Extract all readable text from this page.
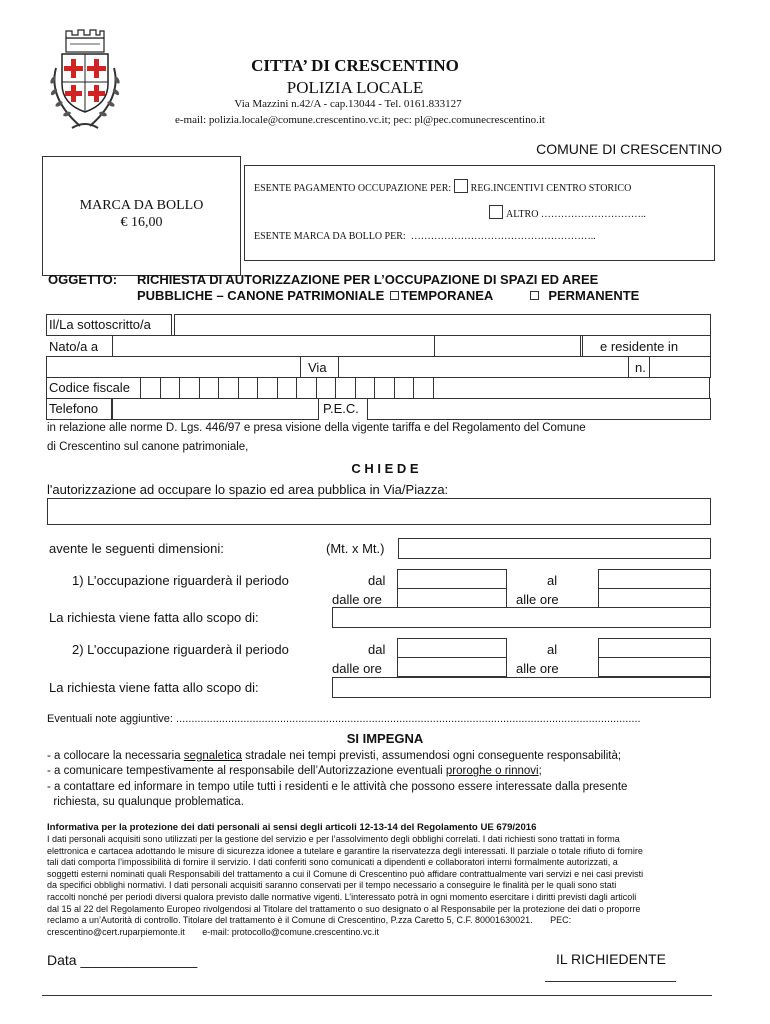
CITTA’ DI CRESCENTINO
POLIZIA LOCALE
Via Mazzini n.42/A - cap.13044 - Tel. 0161.833127
e-mail: polizia.locale@comune.crescentino.vc.it; pec: pl@pec.comunecrescentino.it
COMUNE DI CRESCENTINO
MARCA DA BOLLO
€ 16,00
ESENTE PAGAMENTO OCCUPAZIONE PER: REG.INCENTIVI CENTRO STORICO
ALTRO …………………………..
ESENTE MARCA DA BOLLO PER: ………………………………………………..
OGGETTO: RICHIESTA DI AUTORIZZAZIONE PER L’OCCUPAZIONE DI SPAZI ED AREE
PUBBLICHE – CANONE PATRIMONIALE TEMPORANEA	PERMANENTE
Il/La sottoscritto/a
Nato/a a	e residente in
Via	n.
Codice fiscale
Telefono	P.E.C.
in relazione alle norme D. Lgs. 446/97 e presa visione della vigente tariffa e del Regolamento del Comune
di Crescentino sul canone patrimoniale,
C H I E D E
l'autorizzazione ad occupare lo spazio ed area pubblica in Via/Piazza:
avente le seguenti dimensioni:	(Mt. x Mt.)
1) L’occupazione riguarderà il periodo	dal	al
dalle ore	alle ore
La richiesta viene fatta allo scopo di:
2) L’occupazione riguarderà il periodo	dal	al
dalle ore	alle ore
La richiesta viene fatta allo scopo di:
Eventuali note aggiuntive: ........................................................................................................................................................
SI IMPEGNA
- a collocare la necessaria segnaletica stradale nei tempi previsti, assumendosi ogni conseguente responsabilità;
- a comunicare tempestivamente al responsabile dell’Autorizzazione eventuali proroghe o rinnovi;
- a contattare ed informare in tempo utile tutti i residenti e le attività che possono essere interessate dalla presente
richiesta, su qualunque problematica.
Informativa per la protezione dei dati personali ai sensi degli articoli 12-13-14 del Regolamento UE 679/2016
I dati personali acquisiti sono utilizzati per la gestione del servizio e per l’assolvimento degli obblighi correlati. I dati richiesti sono trattati in forma
elettronica e cartacea adottando le misure di sicurezza idonee a tutelare e garantire la riservatezza degli interessati. Il parziale o totale rifiuto di fornire
tali dati comporta l’impossibilità di fornire il servizio. I dati conferiti sono comunicati a dipendenti e collaboratori interni formalmente autorizzati, a
soggetti esterni nominati quali Responsabili del trattamento a cui il Comune di Crescentino può affidare contrattualmente vari servizi e nei casi previsti
da specifici obblighi normativi. I dati personali acquisiti saranno conservati per il tempo necessario a conseguire le finalità per le quali sono stati
raccolti nonché per periodi diversi qualora previsto dalle normative vigenti. L’interessato potrà in ogni momento esercitare i diritti previsti dagli articoli
dal 15 al 22 del Regolamento Europeo rivolgendosi al Titolare del trattamento o suo designato o al Responsabile per la protezione dei dati o proporre
reclamo a un’Autorità di controllo. Titolare del trattamento è il Comune di Crescentino, P.zza Caretto 5, C.F. 80001630021.       PEC:
crescentino@cert.ruparpiemonte.it       e-mail: protocollo@comune.crescentino.vc.it
Data _______________	IL RICHIEDENTE
